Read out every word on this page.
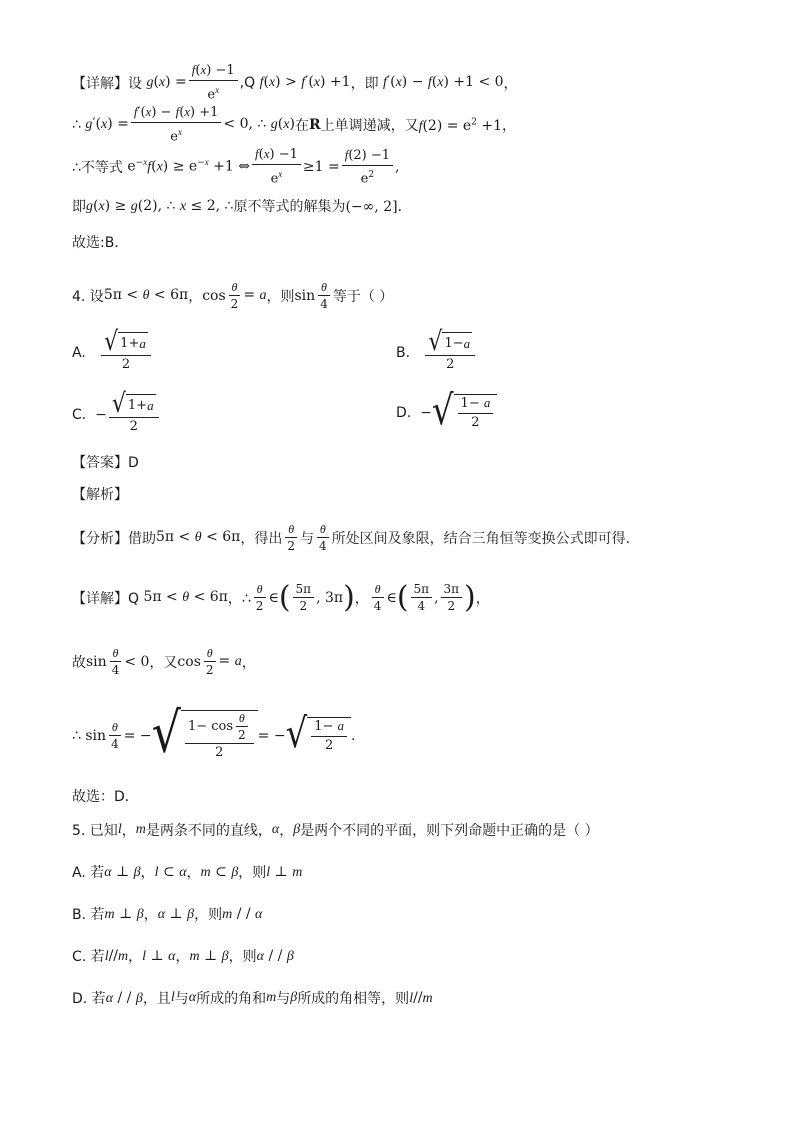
【详解】设 $g(x) = \frac{f(x) -1}{e^x} ,Q$ f(x) > f′(x) +1 ，即 f′(x) − f(x) +1 < 0 ，
∴ $g'(x) = \frac{f'(x) - f(x) +1}{e^x} < 0$, ∴ g(x) 在 R 上单调递减，又 $f(2) = e^2 +1$，
∴不等式 $e^{-x}f(x) \ge e^{-x} +1$ ⇔ $\frac{f(x) -1}{e^x} \ge 1 = \frac{f(2) -1}{e^2}$ ,
即 g(x) ≥ g(2), ∴ x ≤ 2, ∴ 原不等式的解集为 (−∞, 2]．
故选:B．
4. 设 5π < θ < 6π ， $\cos \frac{\theta}{2} = a$ ，则 $\sin \frac{\theta}{4}$ 等于（ ）
A.
$\frac{√ 1+ a}{2}$	B.
$\frac{√ 1- a}{2}$
C. − $\frac{√ 1+ a}{2}$	D. − √ $\frac{1- a}{2}$
【答案】D
【解析】
【分析】借助 5π < θ < 6π ，得出 $\frac{\theta}{2}$ 与 $\frac{\theta}{4}$ 所处区间及象限，结合三角恒等变换公式即可得．
【详解】Q 5π < θ < 6π ，∴ $\frac{\theta}{2}$ ∈ ( $\frac{5\pi}{2}$ , 3π ) ， $\frac{\theta}{4}$ ∈ ( $\frac{5\pi}{4}$ , $\frac{3\pi}{2}$ ) ，
故 $\sin \frac{\theta}{4} < 0$ ，又 $\cos \frac{\theta}{2} = a$ ，
∴ $\sin \frac{\theta}{4}$ = − √ $\frac{1- \cos \frac{\theta}{2}}{2}$ = − √ $\frac{1- a}{2}$ .
故选：D．
5. 已知 l ， m 是两条不同的直线， α ， β 是两个不同的平面，则下列命题中正确的是（ ）
A. 若 α ⊥ β ， l ⊂ α ， m ⊂ β ，则 l ⊥ m
B. 若 m ⊥ β ， α ⊥ β ，则 m / / α
C. 若 l//m ， l ⊥ α ， m ⊥ β ，则 α / / β
D. 若 α / / β ，且 l 与 α 所成的角和 m 与 β 所成的角相等，则 l//m
